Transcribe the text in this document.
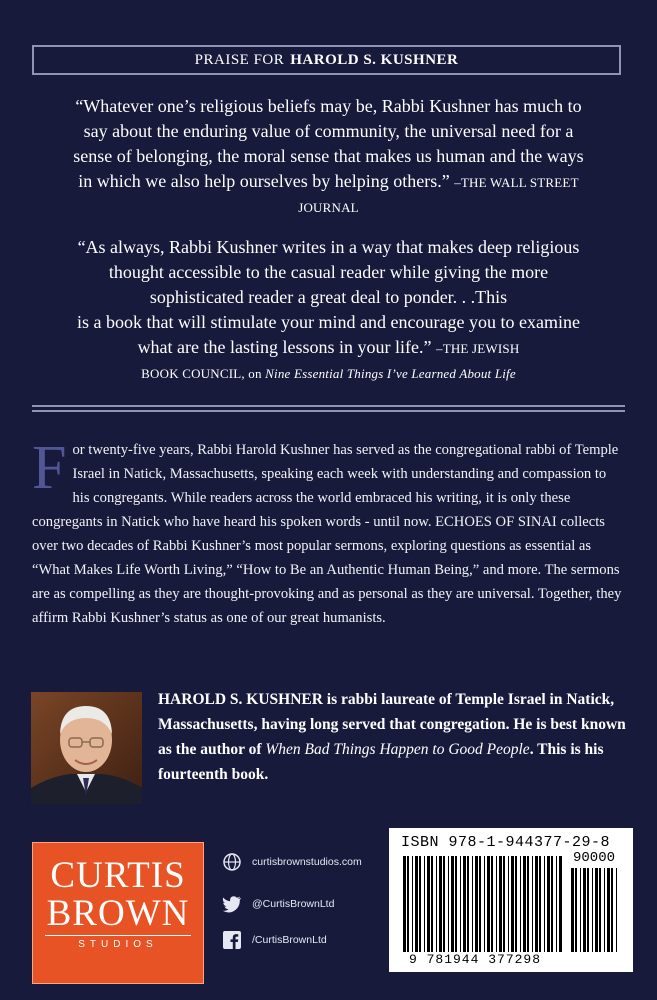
PRAISE FOR HAROLD S. KUSHNER
“Whatever one’s religious beliefs may be, Rabbi Kushner has much to
say about the enduring value of community, the universal need for a
sense of belonging, the moral sense that makes us human and the ways
in which we also help ourselves by helping others.” –THE WALL STREET
JOURNAL
“As always, Rabbi Kushner writes in a way that makes deep religious
thought accessible to the casual reader while giving the more
sophisticated reader a great deal to ponder. . .This
is a book that will stimulate your mind and encourage you to examine
what are the lasting lessons in your life.” –THE JEWISH
BOOK COUNCIL, on Nine Essential Things I’ve Learned About Life
For twenty-five years, Rabbi Harold Kushner has served as the congregational rabbi of Temple Israel in Natick, Massachusetts, speaking each week with understanding and compassion to his congregants. While readers across the world embraced his writing, it is only these congregants in Natick who have heard his spoken words - until now. ECHOES OF SINAI collects over two decades of Rabbi Kushner’s most popular sermons, exploring questions as essential as “What Makes Life Worth Living,” “How to Be an Authentic Human Being,” and more. The sermons are as compelling as they are thought-provoking and as personal as they are universal. Together, they affirm Rabbi Kushner’s status as one of our great humanists.
HAROLD S. KUSHNER is rabbi laureate of Temple Israel in Natick, Massachusetts, having long served that congregation. He is best known as the author of When Bad Things Happen to Good People. This is his fourteenth book.
CURTIS
BROWN
STUDIOS
curtisbrownstudios.com
@CurtisBrownLtd
/CurtisBrownLtd
ISBN 978-1-944377-29-8
90000
9 781944 377298
